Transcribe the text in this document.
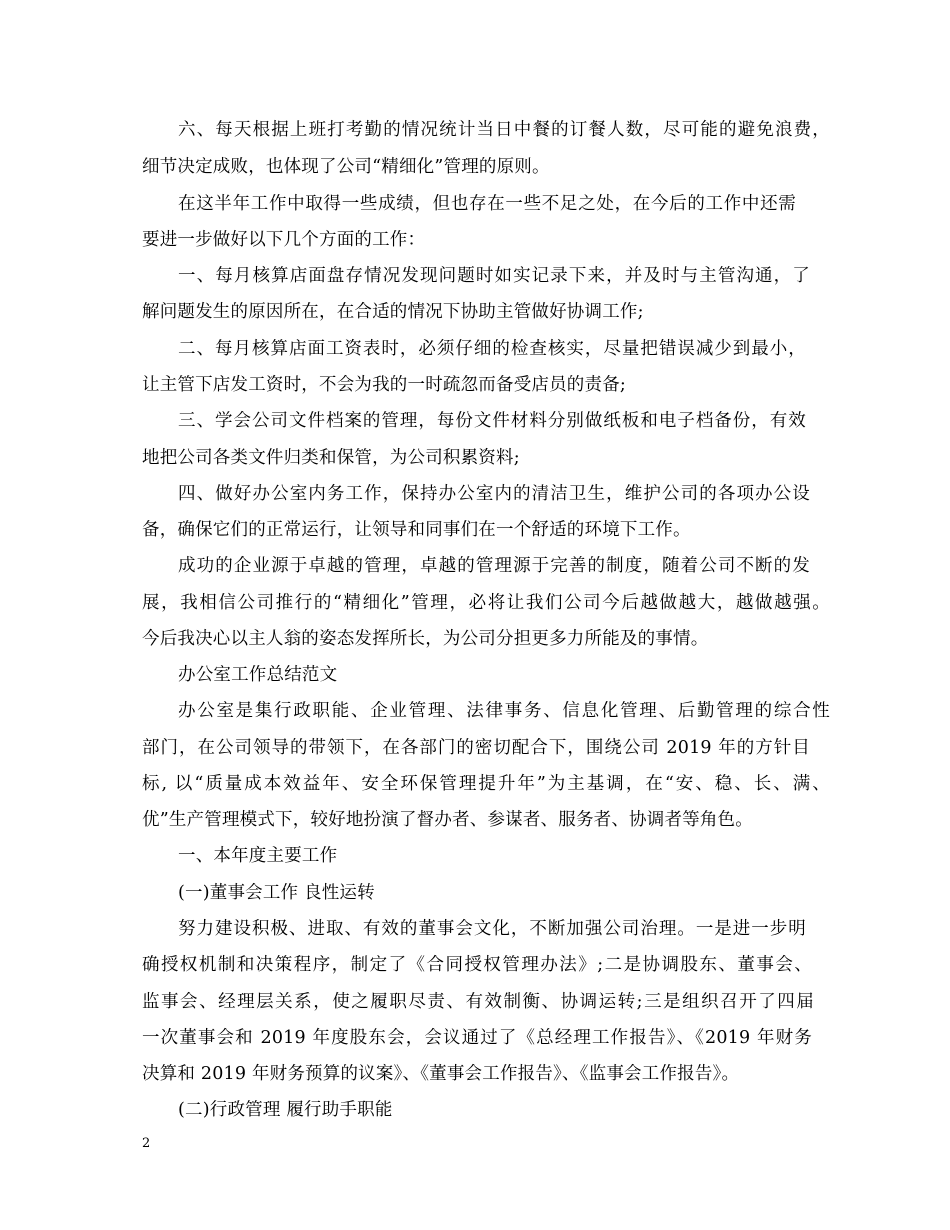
六、每天根据上班打考勤的情况统计当日中餐的订餐人数，尽可能的避免浪费，
细节决定成败，也体现了公司“精细化”管理的原则。
在这半年工作中取得一些成绩，但也存在一些不足之处，在今后的工作中还需
要进一步做好以下几个方面的工作：
一、每月核算店面盘存情况发现问题时如实记录下来，并及时与主管沟通，了
解问题发生的原因所在，在合适的情况下协助主管做好协调工作;
二、每月核算店面工资表时，必须仔细的检查核实，尽量把错误减少到最小，
让主管下店发工资时，不会为我的一时疏忽而备受店员的责备;
三、学会公司文件档案的管理，每份文件材料分别做纸板和电子档备份，有效
地把公司各类文件归类和保管，为公司积累资料;
四、做好办公室内务工作，保持办公室内的清洁卫生，维护公司的各项办公设
备，确保它们的正常运行，让领导和同事们在一个舒适的环境下工作。
成功的企业源于卓越的管理，卓越的管理源于完善的制度，随着公司不断的发
展，我相信公司推行的“精细化”管理，必将让我们公司今后越做越大，越做越强。
今后我决心以主人翁的姿态发挥所长，为公司分担更多力所能及的事情。
办公室工作总结范文
办公室是集行政职能、企业管理、法律事务、信息化管理、后勤管理的综合性
部门，在公司领导的带领下，在各部门的密切配合下，围绕公司 2019 年的方针目
标, 以“质量成本效益年、安全环保管理提升年”为主基调，在“安、稳、长、满、
优”生产管理模式下，较好地扮演了督办者、参谋者、服务者、协调者等角色。
一、本年度主要工作
(一)董事会工作 良性运转
努力建设积极、进取、有效的董事会文化，不断加强公司治理。一是进一步明
确授权机制和决策程序，制定了《合同授权管理办法》;二是协调股东、董事会、
监事会、经理层关系，使之履职尽责、有效制衡、协调运转;三是组织召开了四届
一次董事会和 2019 年度股东会，会议通过了《总经理工作报告》、《2019 年财务
决算和 2019 年财务预算的议案》、《董事会工作报告》、《监事会工作报告》。
(二)行政管理 履行助手职能
2
